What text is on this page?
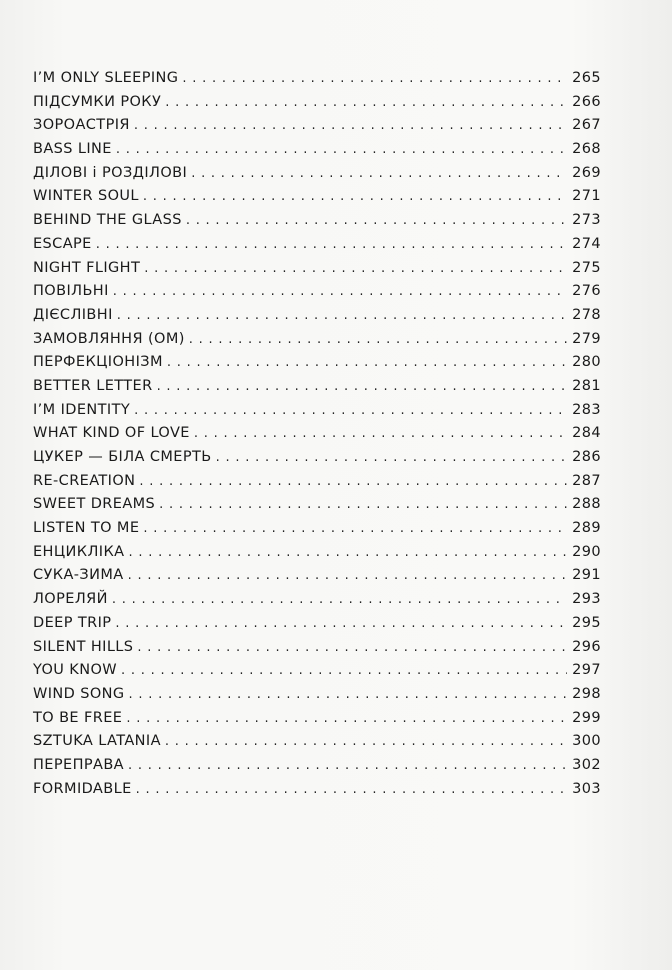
I’M ONLY SLEEPING . . .	265
ПІДСУМКИ РОКУ . . .	266
ЗОРОАСТРІЯ . . .	267
BASS LINE . . .	268
ДІЛОВІ і РОЗДІЛОВІ . . .	269
WINTER SOUL . . .	271
BEHIND THE GLASS . . .	273
ESCAPE . . .	274
NIGHT FLIGHT . . .	275
ПОВІЛЬНІ . . .	276
ДІЄСЛІВНІ . . .	278
ЗАМОВЛЯННЯ (ОМ) . . .	279
ПЕРФЕКЦІОНІЗМ . . .	280
BETTER LETTER . . .	281
I’M IDENTITY . . .	283
WHAT KIND OF LOVE . . .	284
ЦУКЕР — БІЛА СМЕРТЬ . . .	286
RE-CREATION . . .	287
SWEET DREAMS . . .	288
LISTEN TO ME . . .	289
ЕНЦИКЛІКА . . .	290
СУКА-ЗИМА . . .	291
ЛОРЕЛЯЙ . . .	293
DEEP TRIP . . .	295
SILENT HILLS . . .	296
YOU KNOW . . .	297
WIND SONG . . .	298
TO BE FREE . . .	299
SZTUKA LATANIA . . .	300
ПЕРЕПРАВА . . .	302
FORMIDABLE . . .	303
